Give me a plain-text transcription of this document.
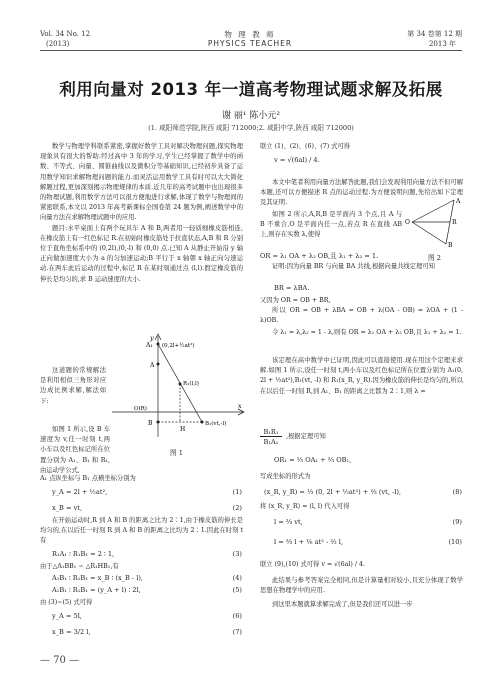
Vol. 34 No. 12
(2013)
物 理 教 师
PHYSICS TEACHER
第 34 卷第 12 期
2013 年
利用向量对 2013 年一道高考物理试题求解及拓展
谢 丽¹ 陈小元²
(1. 咸阳师范学院,陕西 咸阳 712000;2. 咸阳中学,陕西 咸阳 712000)
数学与物理学科联系紧密,掌握好数学工具对解决物理问题,探究物理现象具有很大的帮助.经过高中 3 年的学习,学生已经掌握了数学中的函数、不等式、向量、圆锥曲线以及微积分等基础知识,已经初步具备了运用数学知识求解物理问题的能力.而灵活运用数学工具有时可以大大简化解题过程,更加深刻揭示物理规律的本质.近几年的高考试题中也出现很多的物理试题,利用数学方法可以很方便地进行求解,体现了数学与物理间的紧密联系,本文以 2013 年高考新课标全国卷第 24 题为例,阐述数学中的向量方法在求解物理试题中的应用.
题目:水平桌面上有两个玩具车 A 和 B,两者用一轻质细橡皮筋相连,在橡皮筋上有一红色标记 R.在初始时橡皮筋处于拉直状态,A,B 和 R 分别位于直角坐标系中的 (0,2l),(0,-l) 和 (0,0) 点.已知 A 从静止开始沿 y 轴正向做加速度大小为 a 的匀加速运动;B 平行于 x 轴朝 x 轴正向匀速运动.在两车此后运动的过程中,标记 R 在某时刻通过点 (l,l).假定橡皮筋的伸长是均匀的,求 B 运动速度的大小.
这道题的常规解法是利用相似三角形对应边成比例求解,解法如下:
如图 1 所示,设 B 车速度为 v,任一时刻 t,两小车以及红色标记所在位置分别为 A₁、B₁ 和 R₁,由运动学公式,
y
x
A₁ (0,2l+½at²)
A
R₁(l,l)
O(R)
B
H
B₁(vt,-l)
图 1
A₁ 点纵坐标与 B₁ 点横坐标分别为
y_A = 2l + ½at²,	(1)
x_B = vt,	(2)
在开始运动时,R 到 A 和 B 的距离之比为 2∶1,由于橡皮筋的伸长是均匀的,在以后任一时刻 R 到 A 和 B 的距离之比均为 2∶1.因此在时刻 t 有
R₁A₁ ∶ R₁B₁ = 2 ∶ 1,	(3)
由于△A₁BB₁ ∽ △R₁HB₁,有
A₁B₁ ∶ R₁B₁ = x_B ∶ (x_B - l),	(4)
A₁B₁ ∶ R₁B₁ = (y_A + l) ∶ 2l,	(5)
由 (3)~(5) 式可得
y_A = 5l,	(6)
x_B = 3/2 l,	(7)
联立 (1)、(2)、(6)、(7) 式可得
v = √(6al) / 4.
本文中笔者利用向量方法解答此题,我们会发现利用向量方法不但可解本题,还可以方便描述 R 点的运动过程.为方便说明问题,先给出如下定理及其证明.
如图 2 所示,A,R,B 是平面内 3 个点,且 A 与 B 不重合,O 是平面内任一点,若点 R 在直线 AB 上,则存在实数 λ,使得
A
O	R
B
图 2
OR = λ₁ OA + λ₂ OB,且 λ₁ + λ₂ = 1.
证明:因为向量 BR 与向量 BA 共线,根据向量共线定理可知
BR = λBA.
又因为 OR = OB + BR,
所以 OR = OB + λBA = OB + λ(OA - OB) = λOA + (1 - λ)OB.
令 λ₁ = λ,λ₂ = 1 - λ,则有 OR = λ₁ OA + λ₂ OB,且 λ₁ + λ₂ = 1.
该定理在高中数学中已证明,因此可以直接使用.现在用这个定理来求解.如图 1 所示,设任一时刻 t,两小车以及红色标记所在位置分别为 A₁(0, 2l + ½at²),B₁(vt, -l) 和 R₁(x_R, y_R).因为橡皮筋的伸长是均匀的,所以在以后任一时刻 R,到 A₁、B₁ 的距离之比都为 2∶1,则 λ =
B₁R₁
B₁A₁
,根据定理可知
OR₁ = ⅓ OA₁ + ⅔ OB₁,
写成坐标的形式为
(x_R, y_R) = ⅓ (0, 2l + ½at²) + ⅔ (vt, -l),	(8)
将 (x_R, y_R) = (l, l) 代入可得
l = ⅔ vt,	(9)
l = ⅔ l + ⅙ at² - ⅔ l,	(10)
联立 (9),(10) 式可得 v = √(6al) / 4.
此结果与参考答案完全相同,但是计算量相对较小,且充分体现了数学思想在物理学中的应用.
到这里本题就算求解完成了,但是我们还可以进一步
— 70 —
